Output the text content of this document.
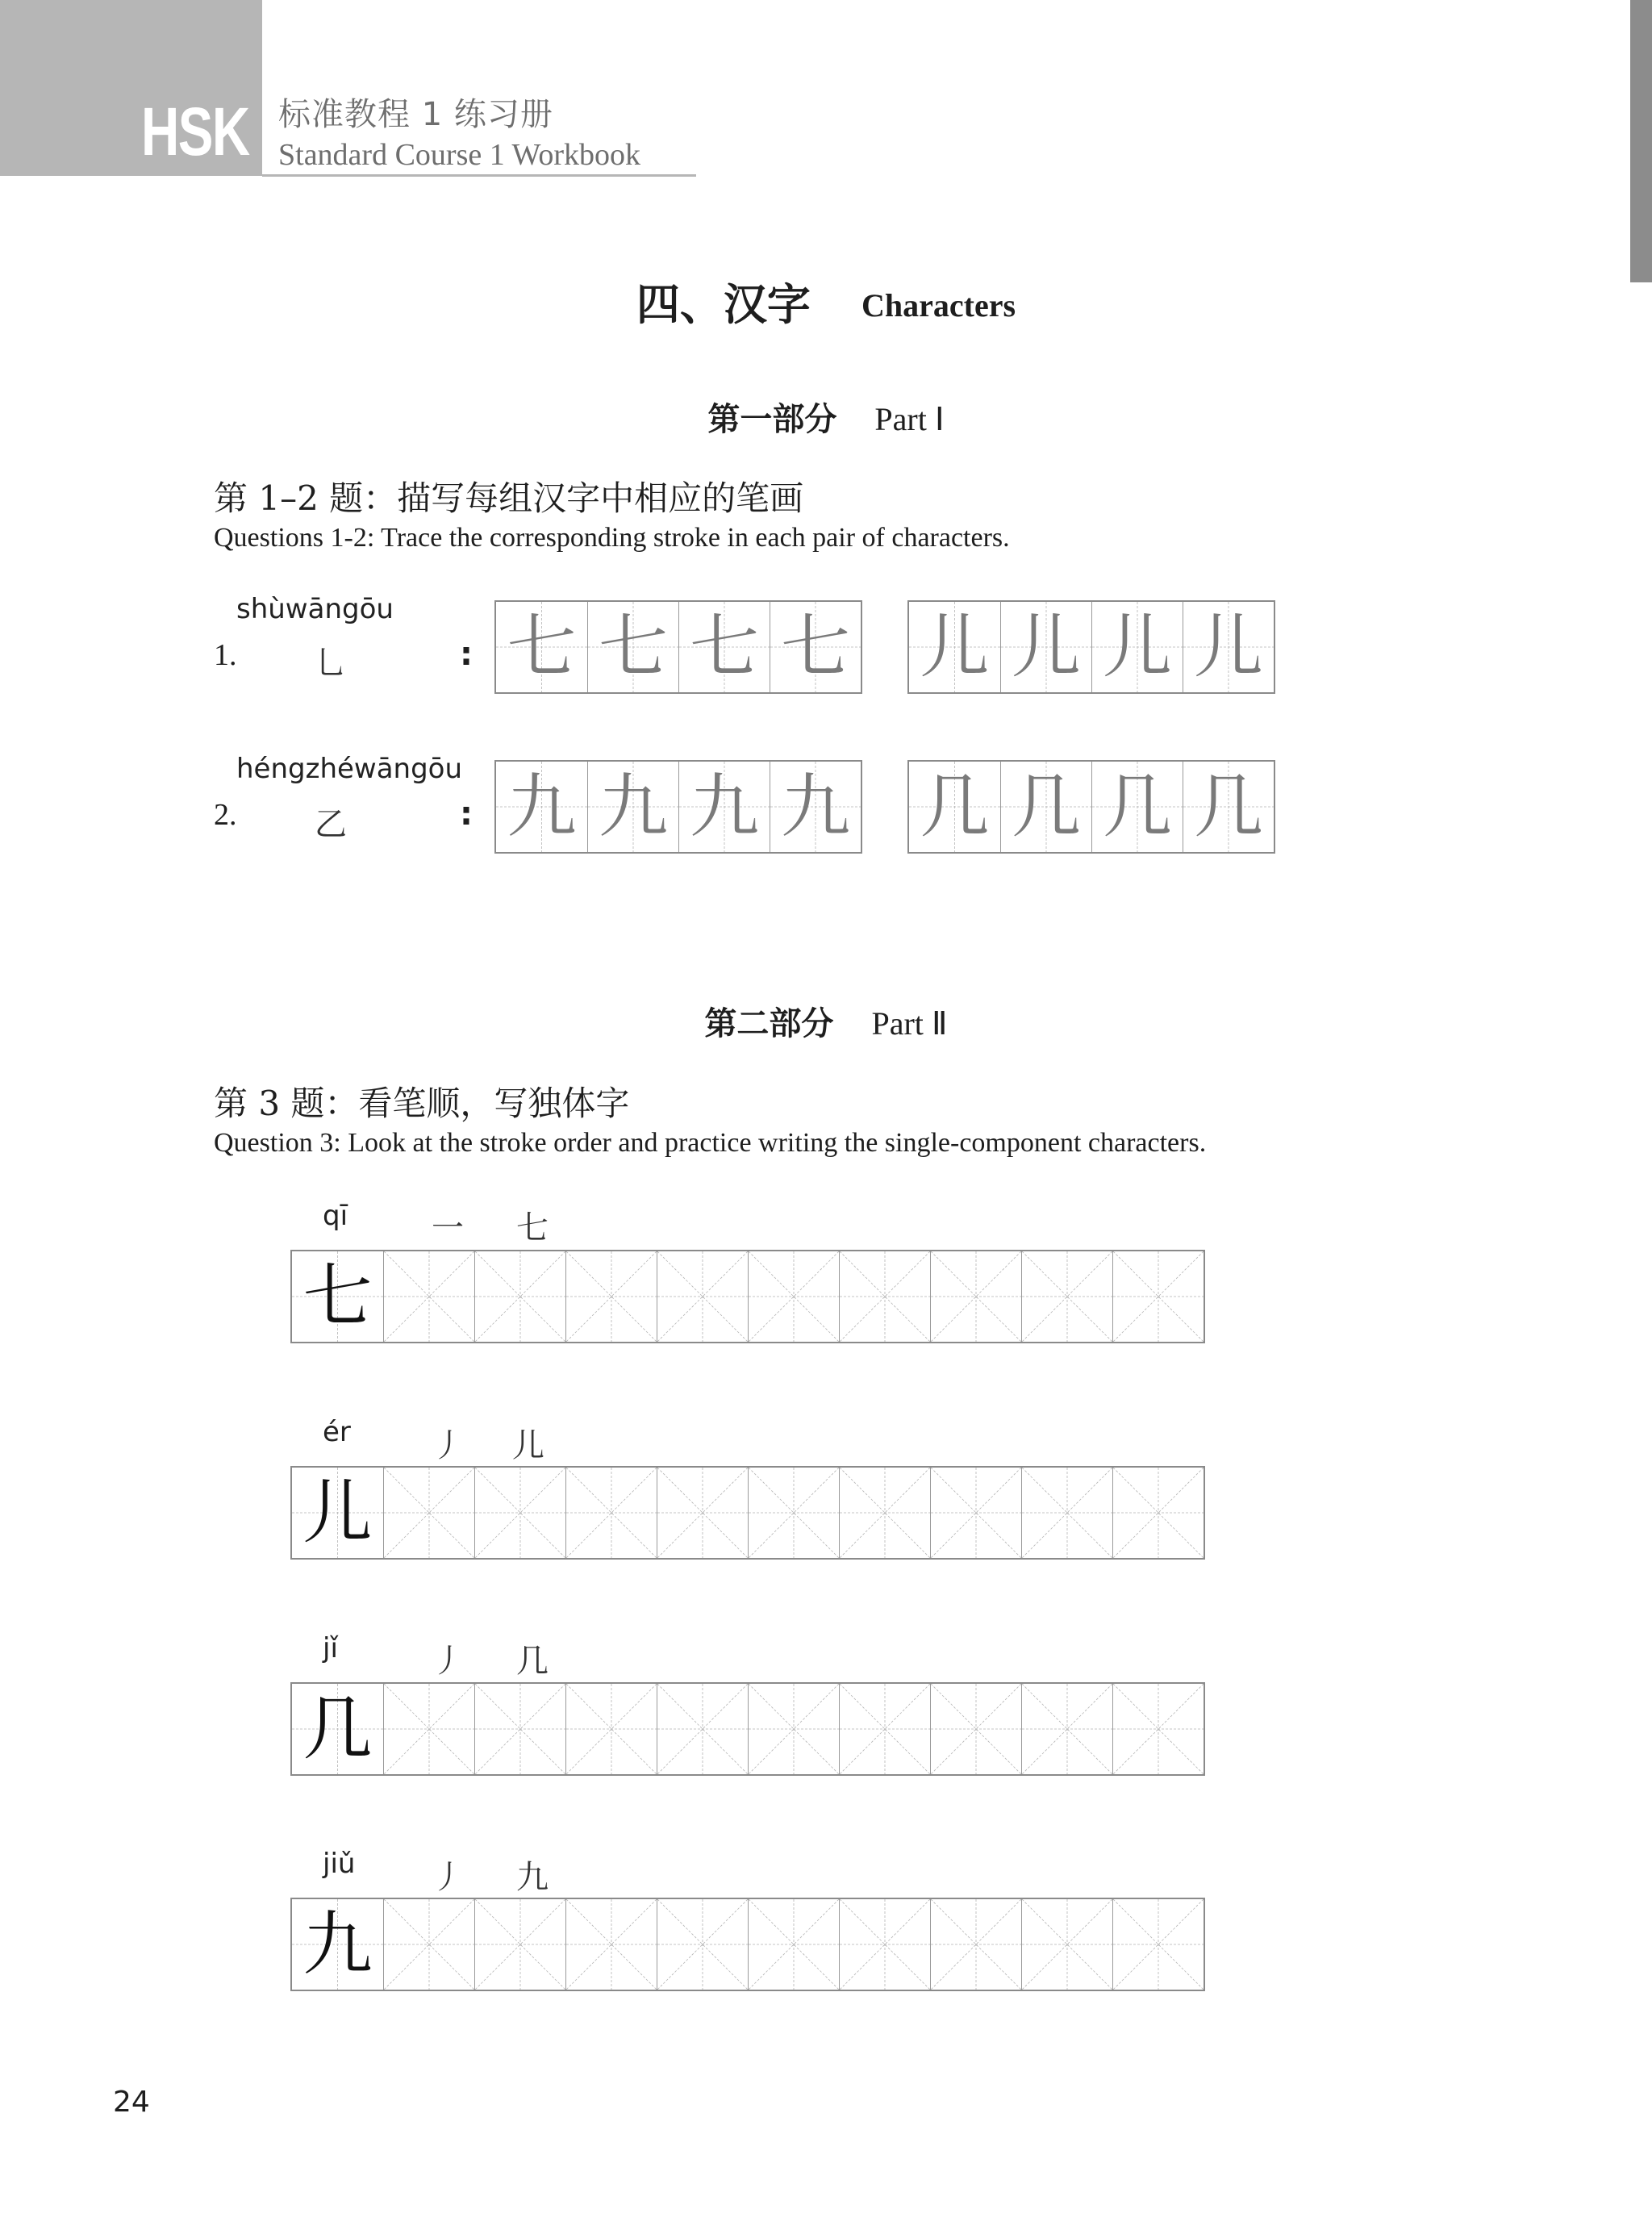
HSK 标准教程 1 练习册
Standard Course 1 Workbook
四、汉字 Characters
第一部分 Part Ⅰ
第 1–2 题：描写每组汉字中相应的笔画
Questions 1-2: Trace the corresponding stroke in each pair of characters.
shùwāngōu
1. 乚	: 七 七 七 七 儿 儿 儿 儿
héngzhéwāngōu
2. 乙	: 九 九 九 九 几 几 几 几
第二部分 Part Ⅱ
第 3 题：看笔顺，写独体字
Question 3: Look at the stroke order and practice writing the single-component characters.
qī	一 七
七
ér	丿 儿
儿
jǐ	丿 几
几
jiǔ 丿 九
九
24
